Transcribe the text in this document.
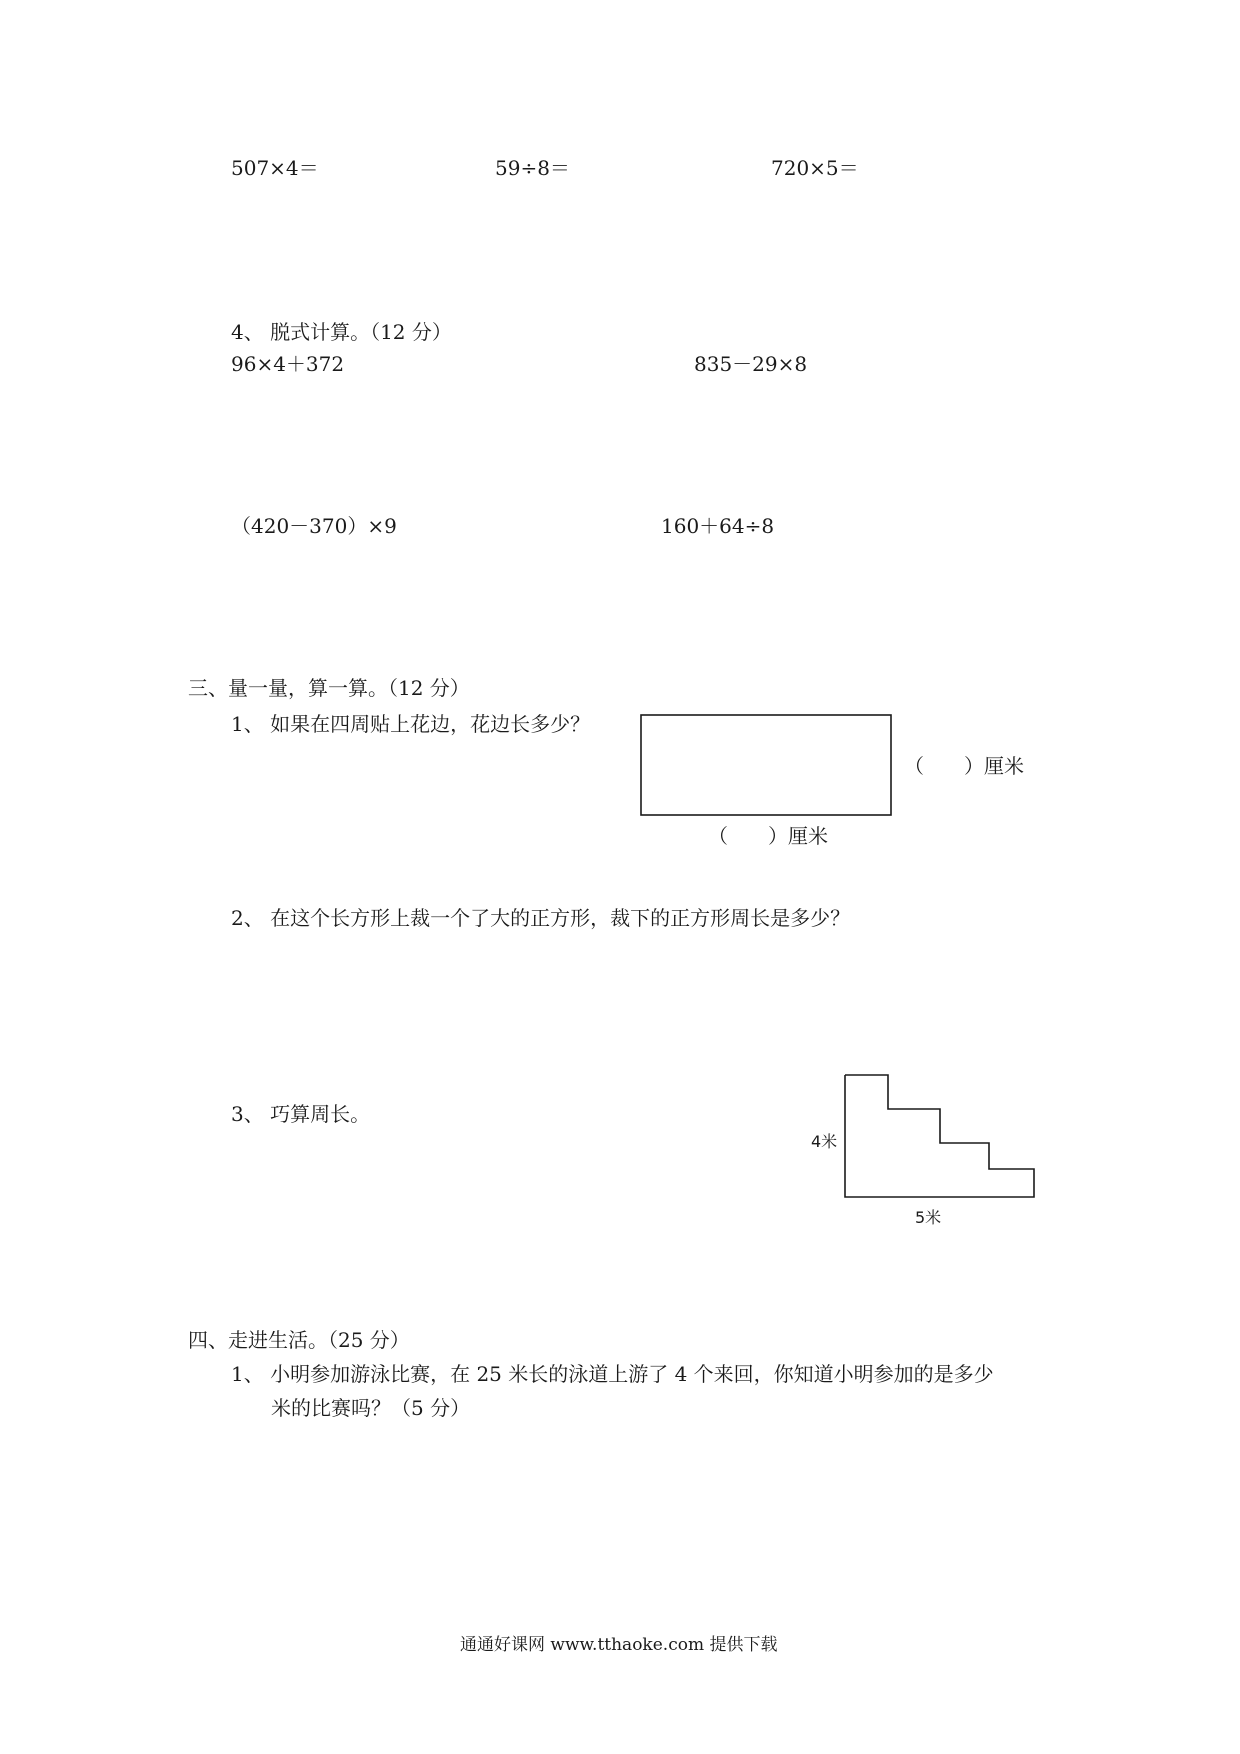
507×4＝	59÷8＝	720×5＝
4、 脱式计算。（12 分）
96×4＋372	835－29×8
（420－370）×9	160＋64÷8
三、量一量，算一算。（12 分）
1、 如果在四周贴上花边，花边长多少？
（　　）厘米
（　　）厘米
2、 在这个长方形上裁一个了大的正方形，裁下的正方形周长是多少？
3、 巧算周长。
4米
5米
四、走进生活。（25 分）
1、 小明参加游泳比赛，在 25 米长的泳道上游了 4 个来回，你知道小明参加的是多少
米的比赛吗？（5 分）
通通好课网 www.tthaoke.com 提供下载
